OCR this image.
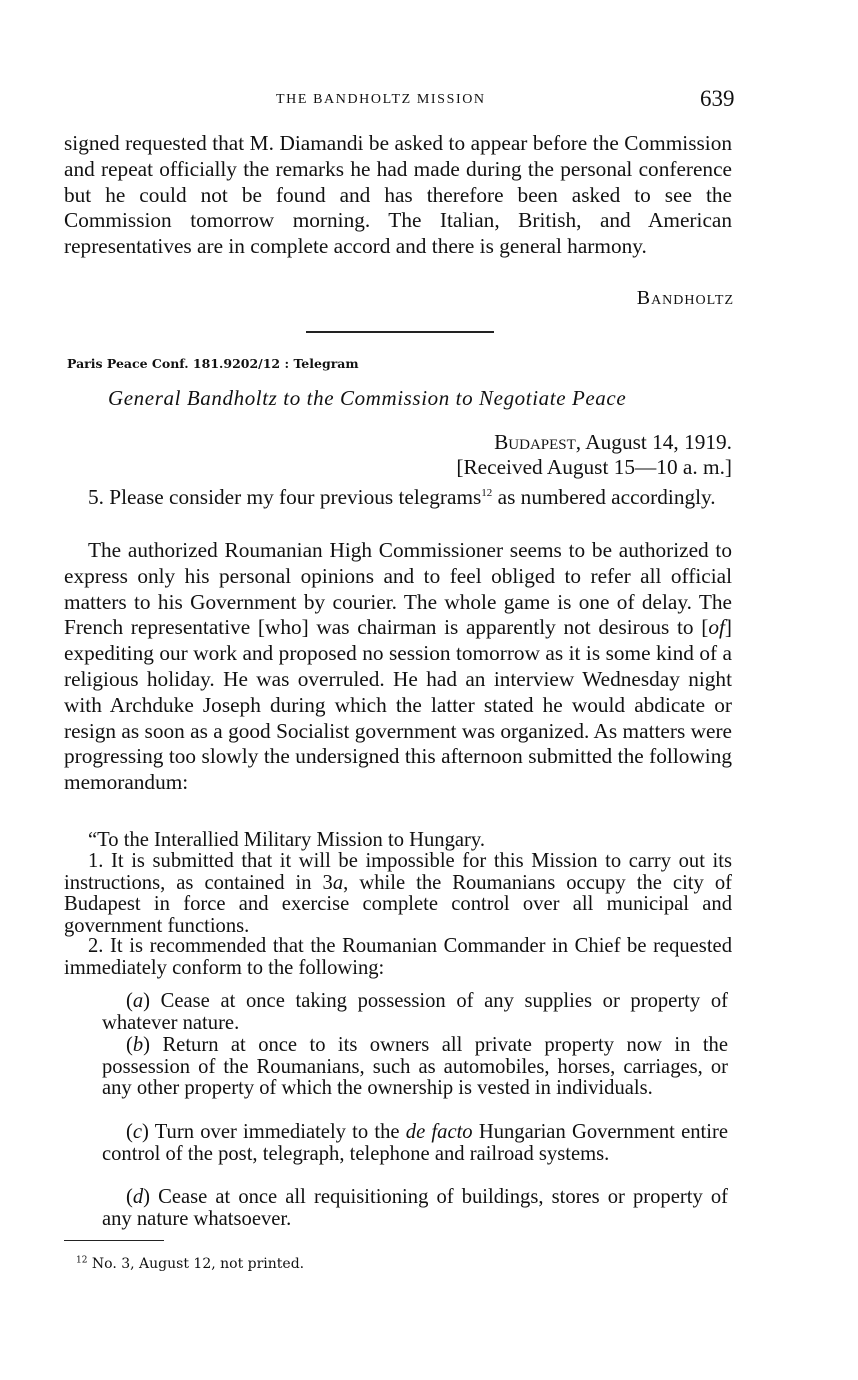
THE BANDHOLTZ MISSION	639
signed requested that M. Diamandi be asked to appear before the Commission and repeat officially the remarks he had made during the personal conference but he could not be found and has therefore been asked to see the Commission tomorrow morning. The Italian, British, and American representatives are in complete accord and there is general harmony.
Bandholtz
Paris Peace Conf. 181.9202/12 : Telegram
General Bandholtz to the Commission to Negotiate Peace
Budapest, August 14, 1919.
[Received August 15—10 a. m.]
5. Please consider my four previous telegrams$^{12}$ as numbered accordingly.
The authorized Roumanian High Commissioner seems to be authorized to express only his personal opinions and to feel obliged to refer all official matters to his Government by courier. The whole game is one of delay. The French representative [who] was chairman is apparently not desirous to [of] expediting our work and proposed no session tomorrow as it is some kind of a religious holiday. He was overruled. He had an interview Wednesday night with Archduke Joseph during which the latter stated he would abdicate or resign as soon as a good Socialist government was organized. As matters were progressing too slowly the undersigned this afternoon submitted the following memorandum:
“To the Interallied Military Mission to Hungary.
1. It is submitted that it will be impossible for this Mission to carry out its instructions, as contained in 3a, while the Roumanians occupy the city of Budapest in force and exercise complete control over all municipal and government functions.
2. It is recommended that the Roumanian Commander in Chief be requested immediately conform to the following:
(a) Cease at once taking possession of any supplies or property of whatever nature.
(b) Return at once to its owners all private property now in the possession of the Roumanians, such as automobiles, horses, carriages, or any other property of which the ownership is vested in individuals.
(c) Turn over immediately to the de facto Hungarian Government entire control of the post, telegraph, telephone and railroad systems.
(d) Cease at once all requisitioning of buildings, stores or property of any nature whatsoever.
$^{12}$ No. 3, August 12, not printed.
